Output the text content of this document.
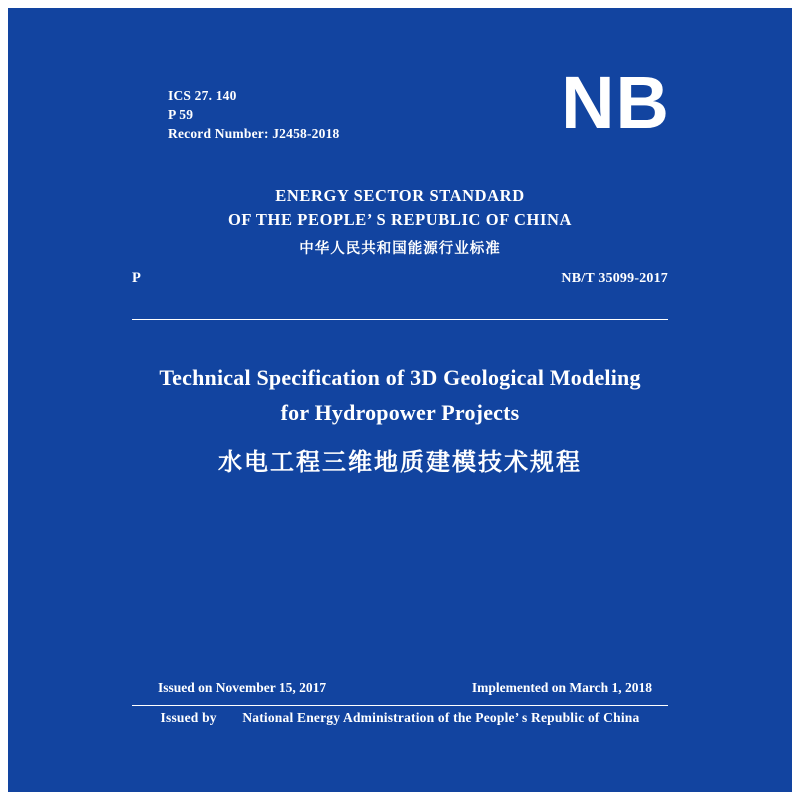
ICS 27. 140
P 59
Record Number: J2458-2018	NB
ENERGY SECTOR STANDARD
OF THE PEOPLE’ S REPUBLIC OF CHINA
中华人民共和国能源行业标准
P	NB/T 35099-2017
Technical Specification of 3D Geological Modeling
for Hydropower Projects
水电工程三维地质建模技术规程
Issued on November 15, 2017	Implemented on March 1, 2018
Issued by National Energy Administration of the People’ s Republic of China
